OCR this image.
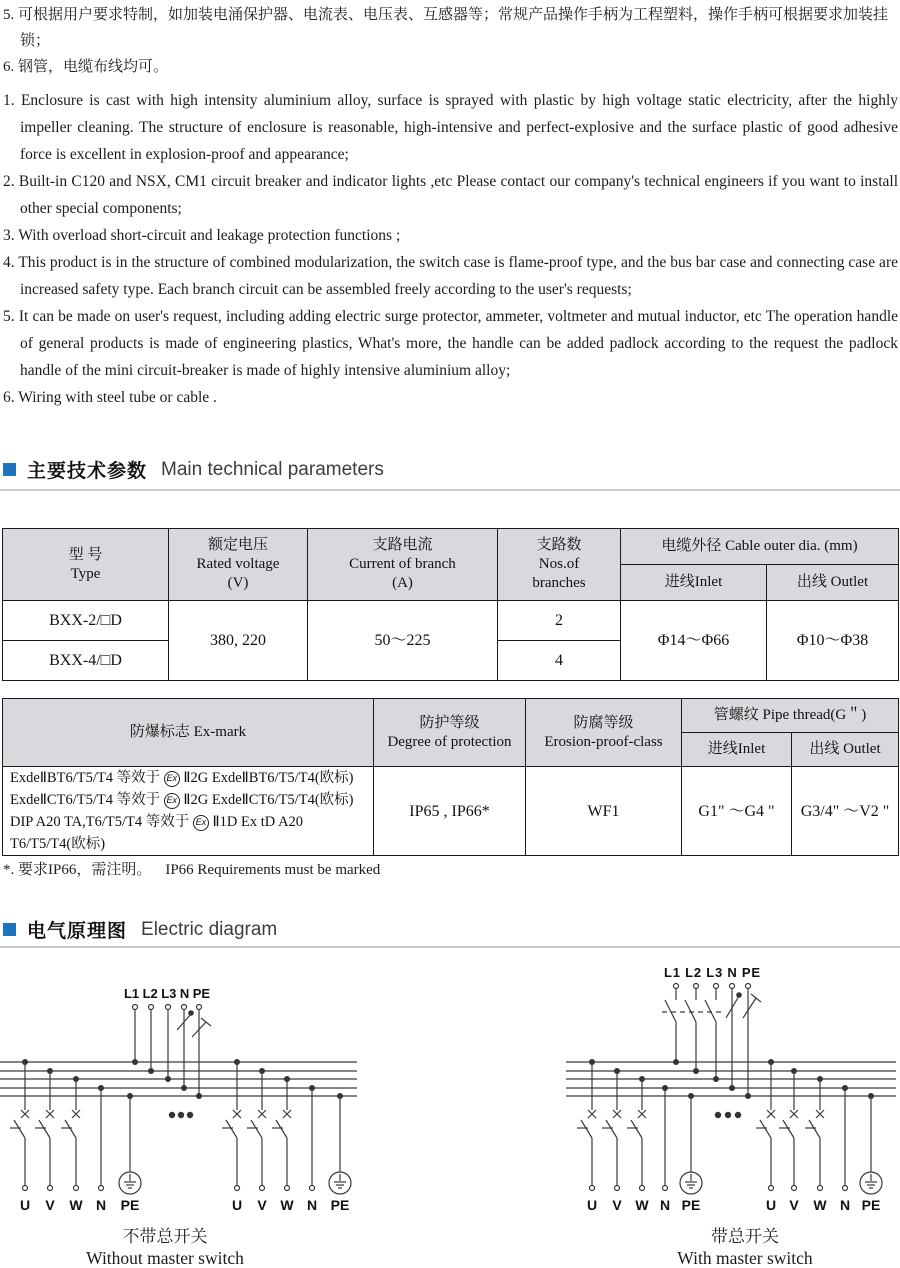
5. 可根据用户要求特制，如加装电涌保护器、电流表、电压表、互感器等；常规产品操作手柄为工程塑料，操作手柄可根据要求加装挂锁；
6. 钢管，电缆布线均可。
1. Enclosure is cast with high intensity aluminium alloy, surface is sprayed with plastic by high voltage static electricity, after the highly impeller cleaning. The structure of enclosure is reasonable, high-intensive and perfect-explosive and the surface plastic of good adhesive force is excellent in explosion-proof and appearance;
2. Built-in C120 and NSX, CM1 circuit breaker and indicator lights ,etc Please contact our company's technical engineers if you want to install other special components;
3. With overload short-circuit and leakage protection functions ;
4. This product is in the structure of combined modularization, the switch case is flame-proof type, and the bus bar case and connecting case are increased safety type. Each branch circuit can be assembled freely according to the user's requests;
5. It can be made on user's request, including adding electric surge protector, ammeter, voltmeter and mutual inductor, etc The operation handle of general products is made of engineering plastics, What's more, the handle can be added padlock according to the request the padlock handle of the mini circuit-breaker is made of highly intensive aluminium alloy;
6. Wiring with steel tube or cable .
主要技术参数 Main technical parameters
型 号
Type

额定电压
Rated voltage
(V)

支路电流
Current of branch
(A)

支路数
Nos.of
branches
	电缆外径 Cable outer dia. (mm)
				进线Inlet	出线 Outlet
BXX-2/□D	380, 220	50～225	2	Φ14～Φ66	Φ10～Φ38
BXX-4/□D			4		
防爆标志 Ex-mark	
防护等级
Degree of protection

防腐等级
Erosion-proof-class
	管螺纹 Pipe thread(G＂)
			进线Inlet	出线 Outlet

ExdeⅡBT6/T5/T4 等效于 Ex Ⅱ2G ExdeⅡBT6/T5/T4(欧标)
ExdeⅡCT6/T5/T4 等效于 Ex Ⅱ2G ExdeⅡCT6/T5/T4(欧标)
DIP A20 TA,T6/T5/T4 等效于 Ex Ⅱ1D Ex tD A20 T6/T5/T4(欧标)	IP65 , IP66*	WF1	G1" ～G4 "	G3/4" ～V2 "
*. 要求IP66，需注明。 IP66 Requirements must be marked
电气原理图 Electric diagram
L1 L2 L3 N PE
U V W N PE	U V W N PE
L1 L2 L3 N PE
U V W N PE	U V W N PE
不带总开关
Without master switch
带总开关
With master switch
